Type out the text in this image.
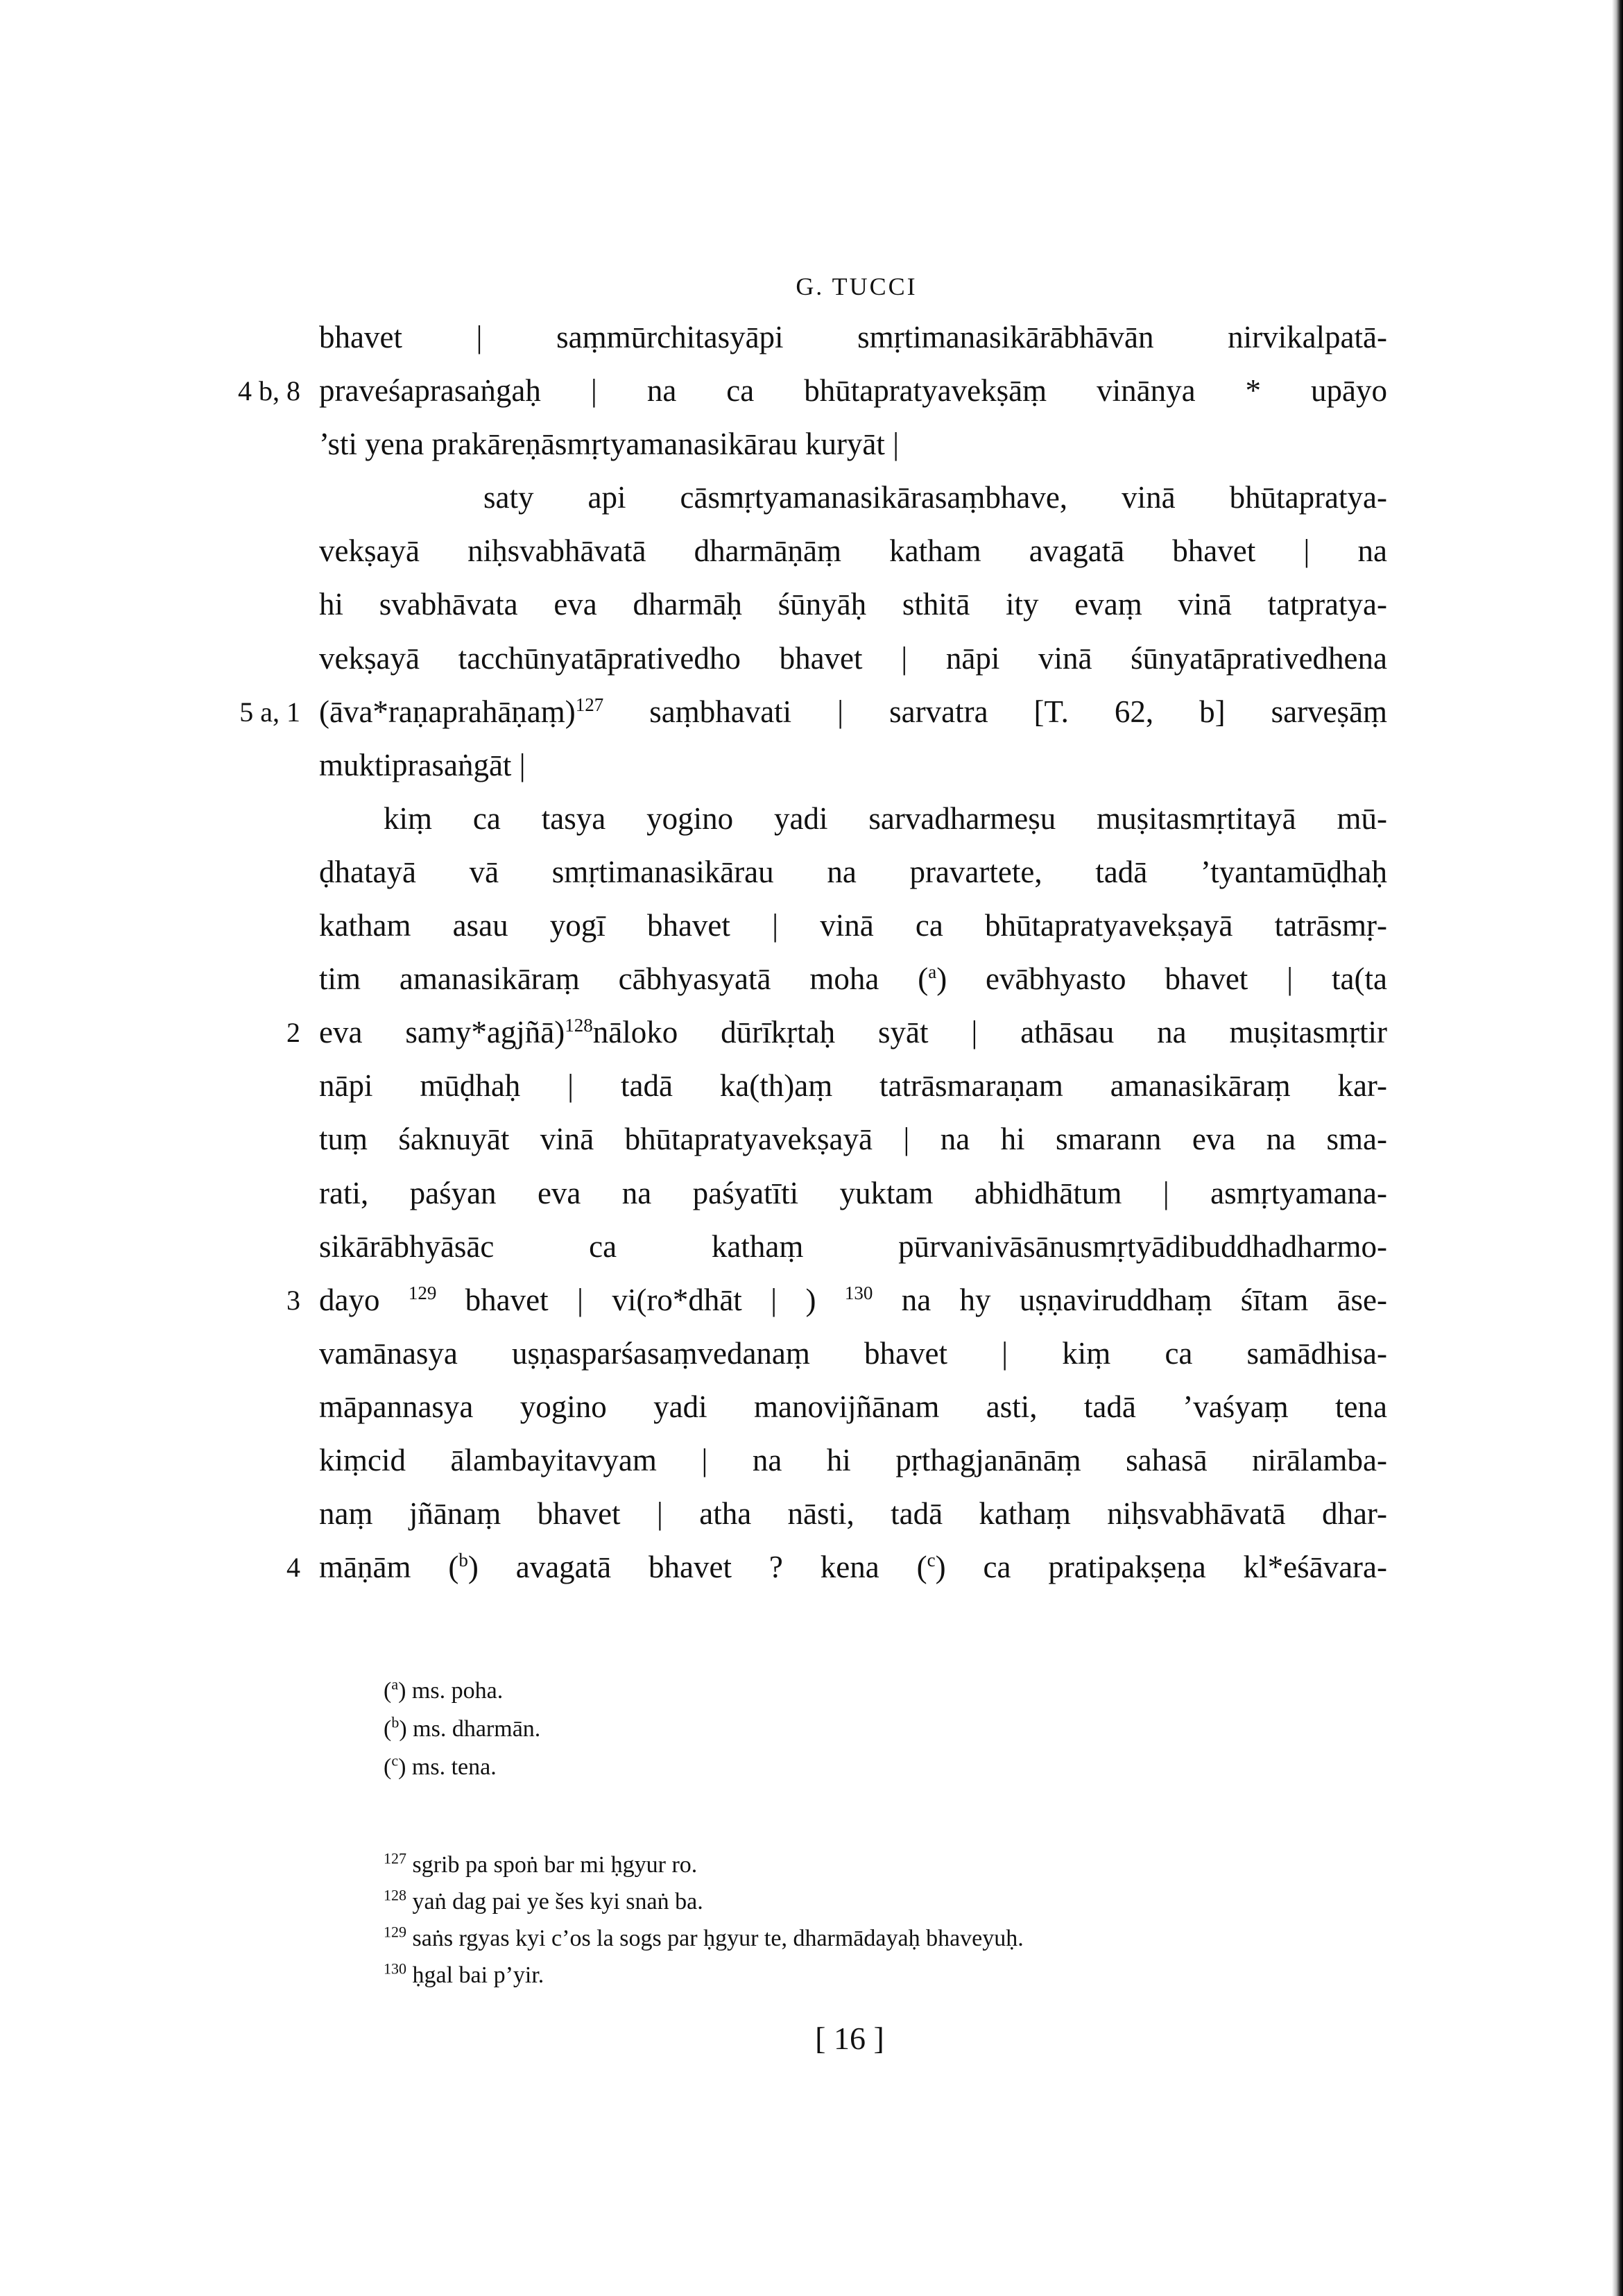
G. TUCCI
bhavet | saṃmūrchitasyāpi smṛtimanasikārābhāvān nirvikalpatā-
4 b, 8 praveśaprasaṅgaḥ | na ca bhūtapratyavekṣāṃ vinānya * upāyo
’sti yena prakāreṇāsmṛtyamanasikārau kuryāt |
saty api cāsmṛtyamanasikārasaṃbhave, vinā bhūtapratya-
vekṣayā niḥsvabhāvatā dharmāṇāṃ katham avagatā bhavet | na
hi svabhāvata eva dharmāḥ śūnyāḥ sthitā ity evaṃ vinā tatpratya-
vekṣayā tacchūnyatāprativedho bhavet | nāpi vinā śūnyatāprativedhena
5 a, 1 (āva*raṇaprahāṇaṃ)$^{127}$ saṃbhavati | sarvatra [T. 62, b] sarveṣāṃ
muktiprasaṅgāt |
kiṃ ca tasya yogino yadi sarvadharmeṣu muṣitasmṛtitayā mū-
ḍhatayā vā smṛtimanasikārau na pravartete, tadā ’tyantamūḍhaḥ
katham asau yogī bhavet | vinā ca bhūtapratyavekṣayā tatrāsmṛ-
tim amanasikāraṃ cābhyasyatā moha ($^a$) evābhyasto bhavet | ta(ta
2 eva samy*agjñā)$^{128}$nāloko dūrīkṛtaḥ syāt | athāsau na muṣitasmṛtir
nāpi mūḍhaḥ | tadā ka(th)aṃ tatrāsmaraṇam amanasikāraṃ kar-
tuṃ śaknuyāt vinā bhūtapratyavekṣayā | na hi smarann eva na sma-
rati, paśyan eva na paśyatīti yuktam abhidhātum | asmṛtyamana-
sikārābhyāsāc ca kathaṃ pūrvanivāsānusmṛtyādibuddhadharmo-
3 dayo $^{129}$ bhavet | vi(ro*dhāt | ) $^{130}$ na hy uṣṇaviruddhaṃ śītam āse-
vamānasya uṣṇasparśasaṃvedanaṃ bhavet | kiṃ ca samādhisa-
māpannasya yogino yadi manovijñānam asti, tadā ’vaśyaṃ tena
kiṃcid ālambayitavyam | na hi pṛthagjanānāṃ sahasā nirālamba-
naṃ jñānaṃ bhavet | atha nāsti, tadā kathaṃ niḥsvabhāvatā dhar-
4 māṇām ($^b$) avagatā bhavet ? kena ($^c$) ca pratipakṣeṇa kl*eśāvara-
($^a$) ms. poha.
($^b$) ms. dharmān.
($^c$) ms. tena.
$^{127}$ sgrib pa spoṅ bar mi ḥgyur ro.
$^{128}$ yaṅ dag pai ye šes kyi snaṅ ba.
$^{129}$ saṅs rgyas kyi c’os la sogs par ḥgyur te, dharmādayaḥ bhaveyuḥ.
$^{130}$ ḥgal bai p’yir.
[ 16 ]
